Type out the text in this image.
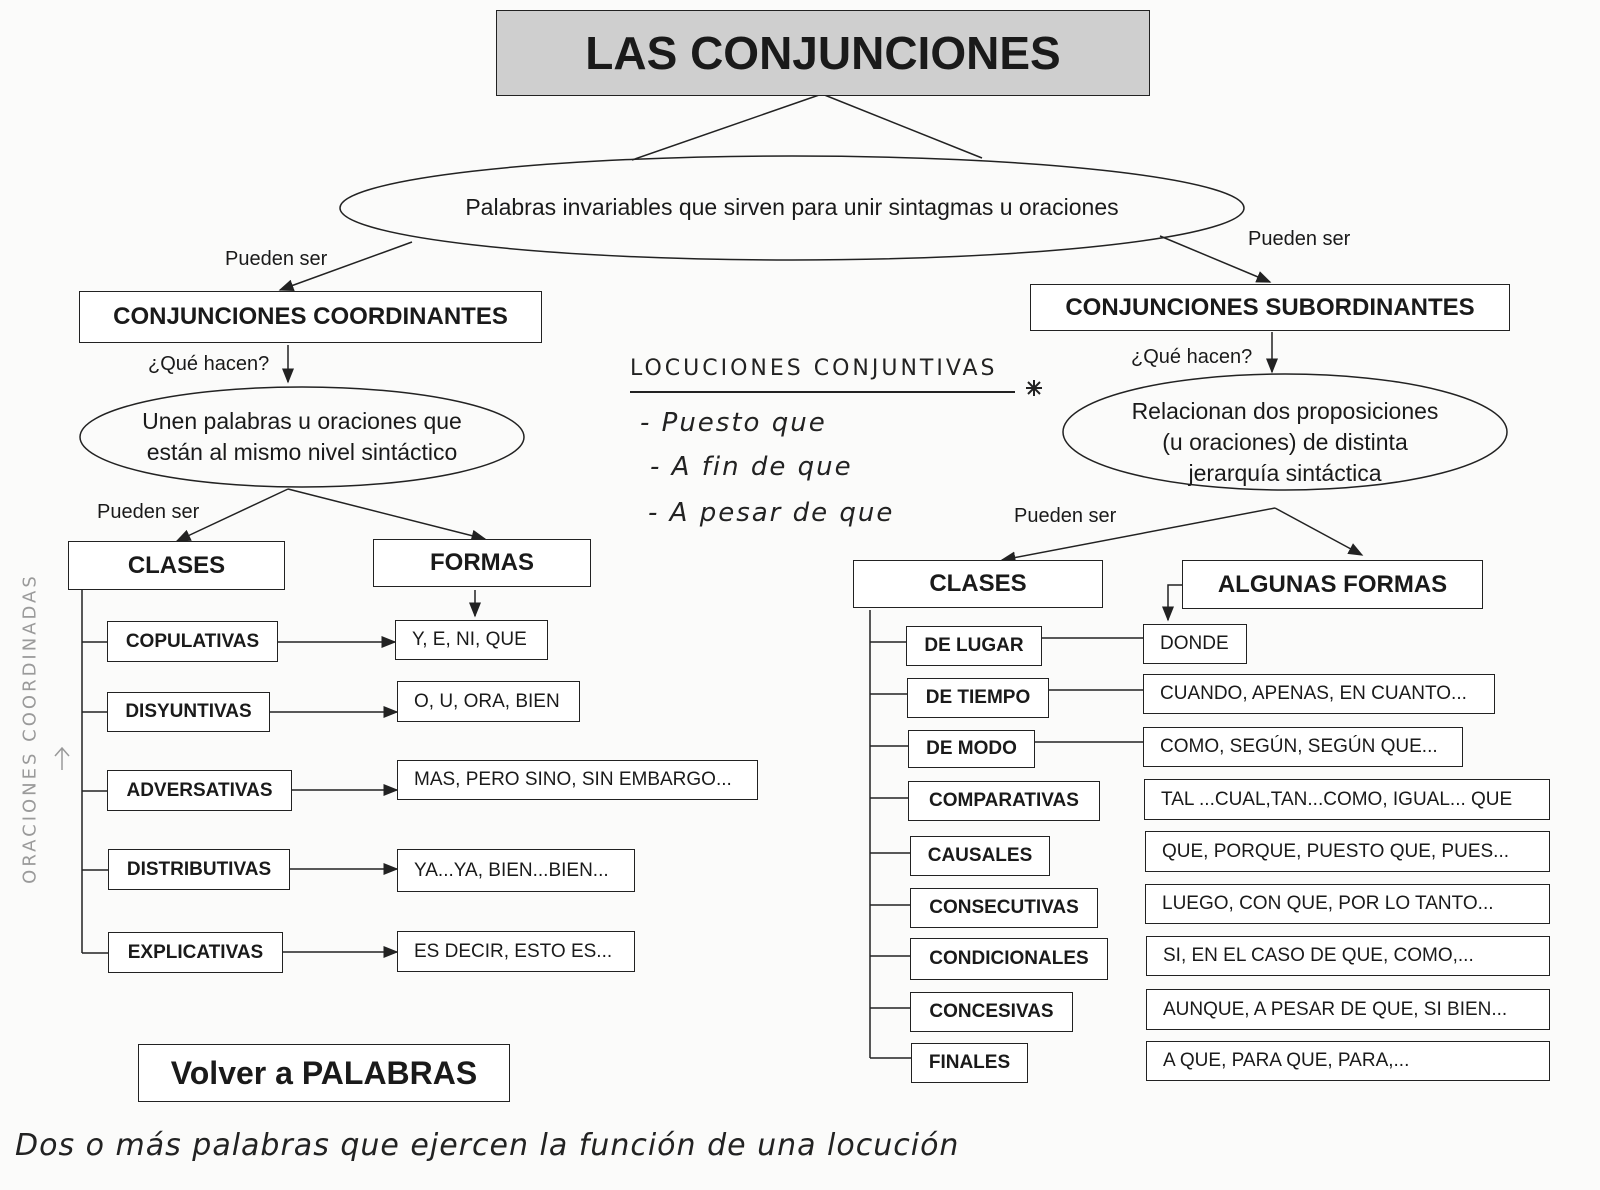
LAS CONJUNCIONES
Palabras invariables que sirven para unir sintagmas u oraciones
Pueden ser
Pueden ser
CONJUNCIONES COORDINANTES	CONJUNCIONES SUBORDINANTES
¿Qué hacen?	¿Qué hacen?
Unen palabras u oraciones que
están al mismo nivel sintáctico
Relacionan dos proposiciones
(u oraciones) de distinta
jerarquía sintáctica
Pueden ser	Pueden ser
CLASES	FORMAS
CLASES	ALGUNAS FORMAS
COPULATIVAS	Y, E, NI, QUE
DISYUNTIVAS	O, U, ORA, BIEN
ADVERSATIVAS	MAS, PERO SINO, SIN EMBARGO...
DISTRIBUTIVAS	YA...YA, BIEN...BIEN...
EXPLICATIVAS	ES DECIR, ESTO ES...
DE LUGAR	DONDE
DE TIEMPO	CUANDO, APENAS, EN CUANTO...
DE MODO	COMO, SEGÚN, SEGÚN QUE...
COMPARATIVAS	TAL ...CUAL,TAN...COMO, IGUAL... QUE
CAUSALES	QUE, PORQUE, PUESTO QUE, PUES...
CONSECUTIVAS	LUEGO, CON QUE, POR LO TANTO...
CONDICIONALES	SI, EN EL CASO DE QUE, COMO,...
CONCESIVAS	AUNQUE, A PESAR DE QUE, SI BIEN...
FINALES	A QUE, PARA QUE, PARA,...
LOCUCIONES CONJUNTIVAS
- Puesto que
- A fin de que
- A pesar de que
ORACIONES COORDINADAS
Volver a PALABRAS
Dos o más palabras que ejercen la función de una locución
